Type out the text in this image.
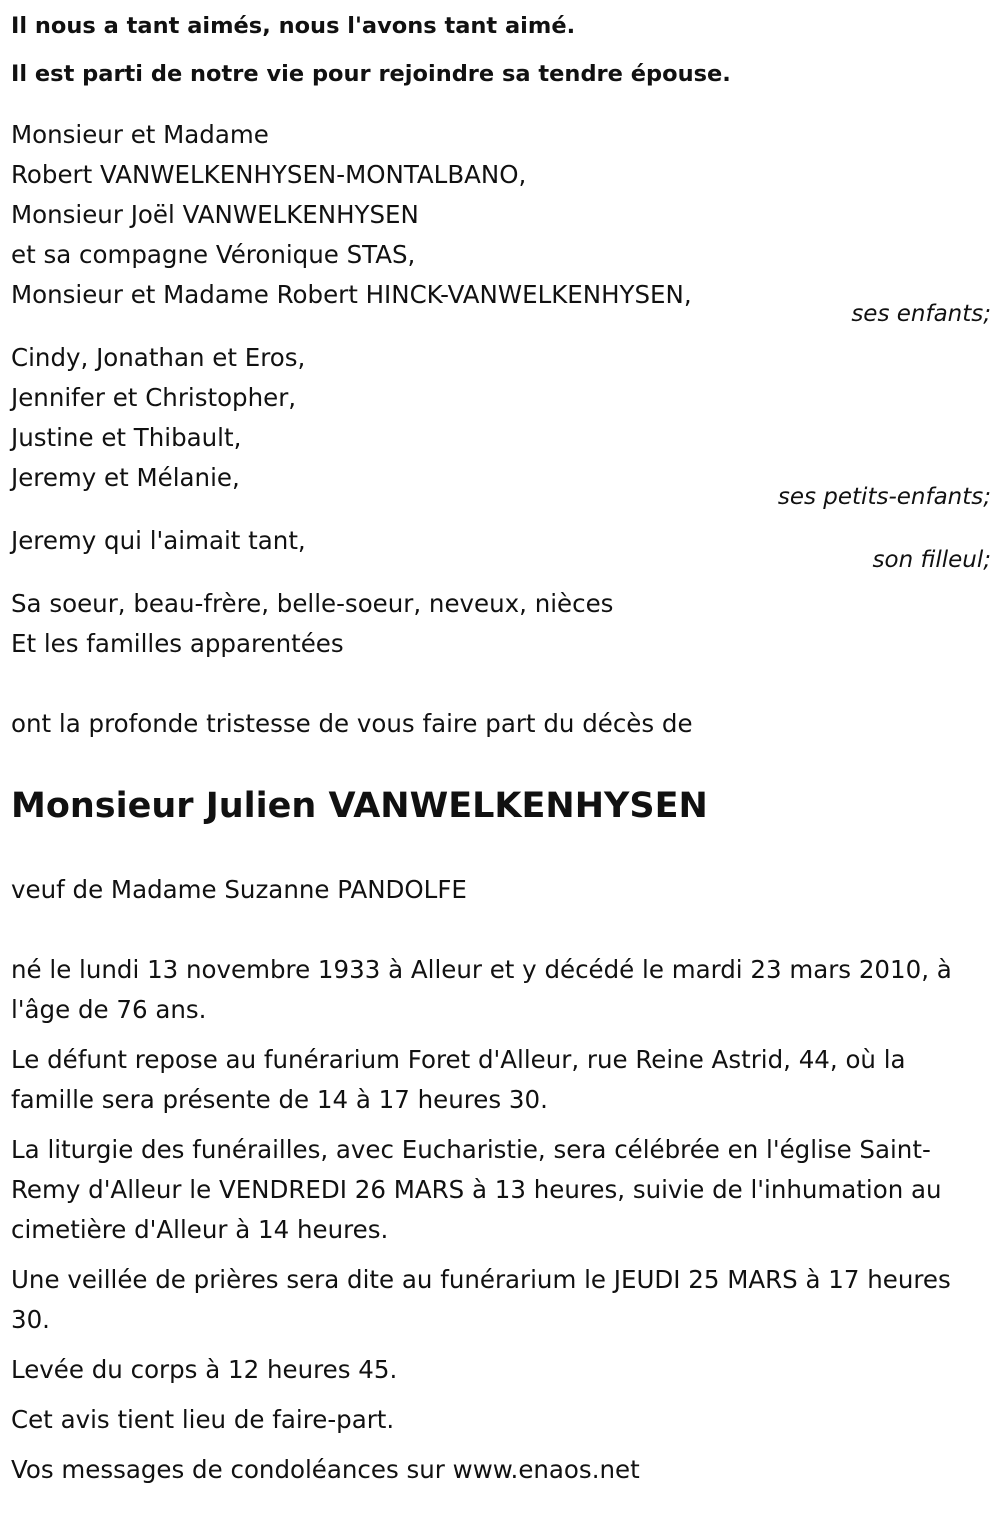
Il nous a tant aimés, nous l'avons tant aimé.
Il est parti de notre vie pour rejoindre sa tendre épouse.
Monsieur et Madame
Robert VANWELKENHYSEN-MONTALBANO,
Monsieur Joël VANWELKENHYSEN
et sa compagne Véronique STAS,
Monsieur et Madame Robert HINCK-VANWELKENHYSEN,
ses enfants;
Cindy, Jonathan et Eros,
Jennifer et Christopher,
Justine et Thibault,
Jeremy et Mélanie,
ses petits-enfants;
Jeremy qui l'aimait tant,
son filleul;
Sa soeur, beau-frère, belle-soeur, neveux, nièces
Et les familles apparentées
ont la profonde tristesse de vous faire part du décès de
Monsieur Julien VANWELKENHYSEN
veuf de Madame Suzanne PANDOLFE

né le lundi 13 novembre 1933 à Alleur et y décédé le mardi 23 mars 2010, à l'âge de 76 ans.

Le défunt repose au funérarium Foret d'Alleur, rue Reine Astrid, 44, où la famille sera présente de 14 à 17 heures 30.

La liturgie des funérailles, avec Eucharistie, sera célébrée en l'église Saint-Remy d'Alleur le VENDREDI 26 MARS à 13 heures, suivie de l'inhumation au cimetière d'Alleur à 14 heures.

Une veillée de prières sera dite au funérarium le JEUDI 25 MARS à 17 heures 30.

Levée du corps à 12 heures 45.

Cet avis tient lieu de faire-part.

Vos messages de condoléances sur www.enaos.net
